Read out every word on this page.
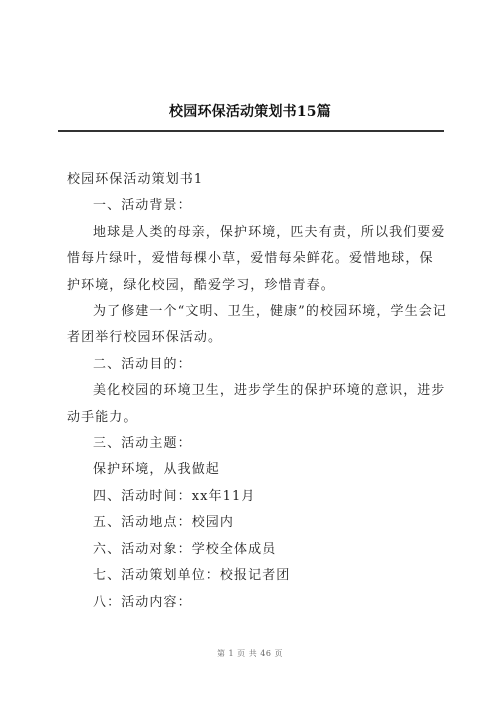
校园环保活动策划书15篇

校园环保活动策划书1

一、活动背景：

地球是人类的母亲，保护环境，匹夫有责，所以我们要爱惜每片绿叶，爱惜每棵小草，爱惜每朵鲜花。爱惜地球，保护环境，绿化校园，酷爱学习，珍惜青春。

为了修建一个“文明、卫生，健康”的校园环境，学生会记者团举行校园环保活动。

二、活动目的：

美化校园的环境卫生，进步学生的保护环境的意识，进步动手能力。

三、活动主题：

保护环境，从我做起

四、活动时间：xx年11月

五、活动地点：校园内

六、活动对象：学校全体成员

七、活动策划单位：校报记者团

八：活动内容：

第 1 页 共 46 页
